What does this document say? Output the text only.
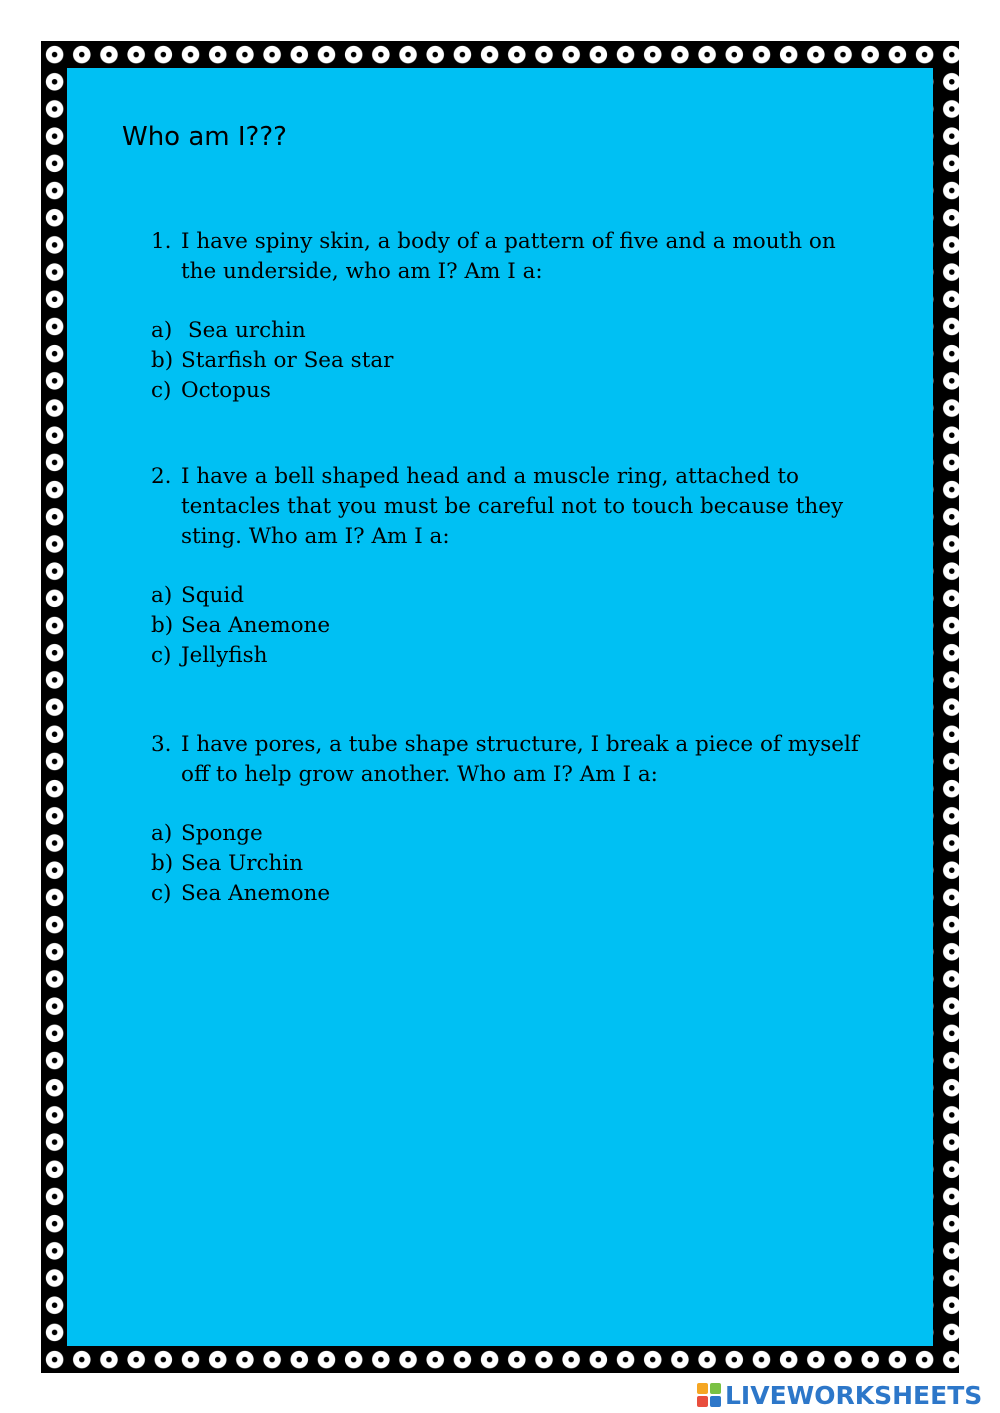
Who am I???
1. I have spiny skin, a body of a pattern of five and a mouth on the underside, who am I? Am I a:
a) Sea urchin
b) Starfish or Sea star
c) Octopus
2. I have a bell shaped head and a muscle ring, attached to tentacles that you must be careful not to touch because they sting. Who am I? Am I a:
a) Squid
b) Sea Anemone
c) Jellyfish
3. I have pores, a tube shape structure, I break a piece of myself off to help grow another. Who am I? Am I a:
a) Sponge
b) Sea Urchin
c) Sea Anemone
LIVEWORKSHEETS
